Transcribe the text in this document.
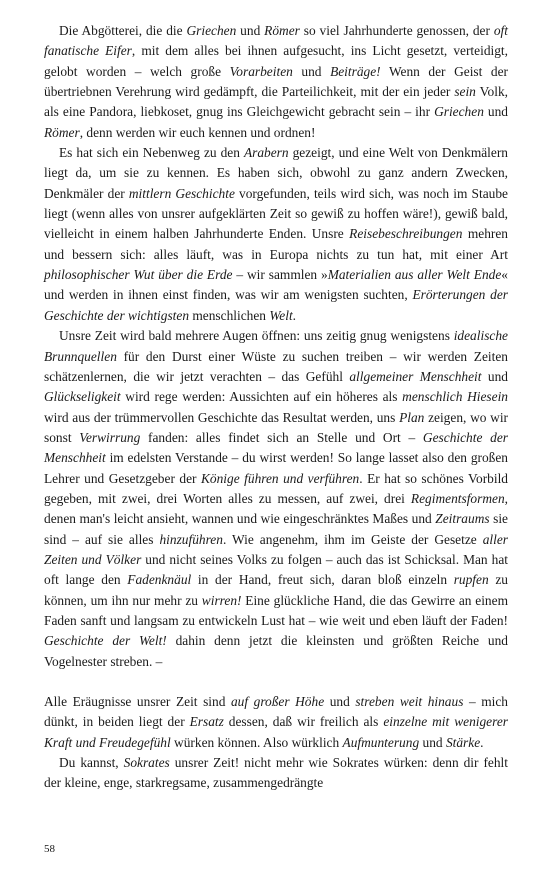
Die Abgötterei, die die Griechen und Römer so viel Jahrhunderte genossen, der oft fanatische Eifer, mit dem alles bei ihnen aufgesucht, ins Licht gesetzt, verteidigt, gelobt worden – welch große Vorarbeiten und Beiträge! Wenn der Geist der übertriebnen Verehrung wird gedämpft, die Parteilichkeit, mit der ein jeder sein Volk, als eine Pandora, liebkoset, gnug ins Gleichgewicht gebracht sein – ihr Griechen und Römer, denn werden wir euch kennen und ordnen!

Es hat sich ein Nebenweg zu den Arabern gezeigt, und eine Welt von Denkmälern liegt da, um sie zu kennen. Es haben sich, obwohl zu ganz andern Zwecken, Denkmäler der mittlern Geschichte vorgefunden, teils wird sich, was noch im Staube liegt (wenn alles von unsrer aufgeklärten Zeit so gewiß zu hoffen wäre!), gewiß bald, vielleicht in einem halben Jahrhunderte Enden. Unsre Reisebeschreibungen mehren und bessern sich: alles läuft, was in Europa nichts zu tun hat, mit einer Art philosophischer Wut über die Erde – wir sammlen »Materialien aus aller Welt Ende« und werden in ihnen einst finden, was wir am wenigsten suchten, Erörterungen der Geschichte der wichtigsten menschlichen Welt.

Unsre Zeit wird bald mehrere Augen öffnen: uns zeitig gnug wenigstens idealische Brunnquellen für den Durst einer Wüste zu suchen treiben – wir werden Zeiten schätzenlernen, die wir jetzt verachten – das Gefühl allgemeiner Menschheit und Glückseligkeit wird rege werden: Aussichten auf ein höheres als menschlich Hiesein wird aus der trümmervollen Geschichte das Resultat werden, uns Plan zeigen, wo wir sonst Verwirrung fanden: alles findet sich an Stelle und Ort – Geschichte der Menschheit im edelsten Verstande – du wirst werden! So lange lasset also den großen Lehrer und Gesetzgeber der Könige führen und verführen. Er hat so schönes Vorbild gegeben, mit zwei, drei Worten alles zu messen, auf zwei, drei Regimentsformen, denen man's leicht ansieht, wannen und wie eingeschränktes Maßes und Zeitraums sie sind – auf sie alles hinzuführen. Wie angenehm, ihm im Geiste der Gesetze aller Zeiten und Völker und nicht seines Volks zu folgen – auch das ist Schicksal. Man hat oft lange den Fadenknäul in der Hand, freut sich, daran bloß einzeln rupfen zu können, um ihn nur mehr zu wirren! Eine glückliche Hand, die das Gewirre an einem Faden sanft und langsam zu entwickeln Lust hat – wie weit und eben läuft der Faden! Geschichte der Welt! dahin denn jetzt die kleinsten und größten Reiche und Vogelnester streben. –

Alle Eräugnisse unsrer Zeit sind auf großer Höhe und streben weit hinaus – mich dünkt, in beiden liegt der Ersatz dessen, daß wir freilich als einzelne mit wenigerer Kraft und Freudegefühl würken können. Also würklich Aufmunterung und Stärke.

Du kannst, Sokrates unsrer Zeit! nicht mehr wie Sokrates würken: denn dir fehlt der kleine, enge, starkregsame, zusammengedrängte

58
